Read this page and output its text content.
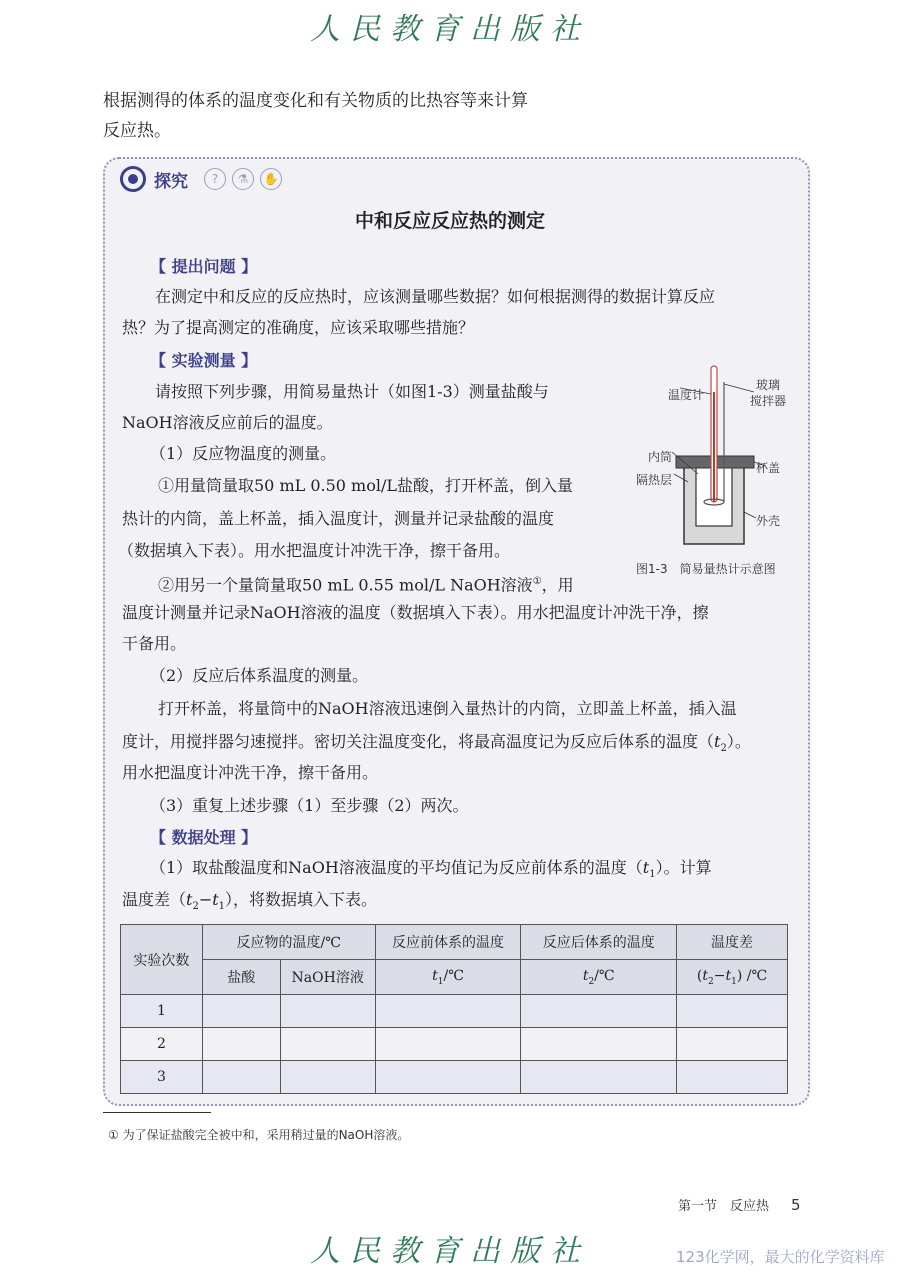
人民教育出版社
根据测得的体系的温度变化和有关物质的比热容等来计算
反应热。
探究	?	⚗	✋
中和反应反应热的测定
【 提出问题 】
在测定中和反应的反应热时，应该测量哪些数据？如何根据测得的数据计算反应
热？为了提高测定的准确度，应该采取哪些措施？
【 实验测量 】
请按照下列步骤，用简易量热计（如图1-3）测量盐酸与
NaOH溶液反应前后的温度。
（1）反应物温度的测量。
①用量筒量取50 mL 0.50 mol/L盐酸，打开杯盖，倒入量
热计的内筒，盖上杯盖，插入温度计，测量并记录盐酸的温度
（数据填入下表）。用水把温度计冲洗干净，擦干备用。
②用另一个量筒量取50 mL 0.55 mol/L NaOH溶液①，用
温度计测量并记录NaOH溶液的温度（数据填入下表）。用水把温度计冲洗干净，擦
干备用。
（2）反应后体系温度的测量。
打开杯盖，将量筒中的NaOH溶液迅速倒入量热计的内筒，立即盖上杯盖，插入温
度计，用搅拌器匀速搅拌。密切关注温度变化，将最高温度记为反应后体系的温度$(t_2)$。
用水把温度计冲洗干净，擦干备用。
（3）重复上述步骤（1）至步骤（2）两次。
【 数据处理 】
（1）取盐酸温度和NaOH溶液温度的平均值记为反应前体系的温度$(t_1)$。计算
温度差$(t_2-t_1)$，将数据填入下表。
温度计
玻璃
搅拌器
内筒
杯盖
隔热层
外壳
图1-3　简易量热计示意图
实验次数	反应物的温度/℃		反应前体系的温度	反应后体系的温度	温度差
	盐酸	NaOH溶液	$t_1/℃$	$t_2/℃$	$(t_2-t_1)$ /℃
1					
2					
3					
① 为了保证盐酸完全被中和，采用稍过量的NaOH溶液。
第一节　反应热 5
人民教育出版社	123化学网，最大的化学资料库
